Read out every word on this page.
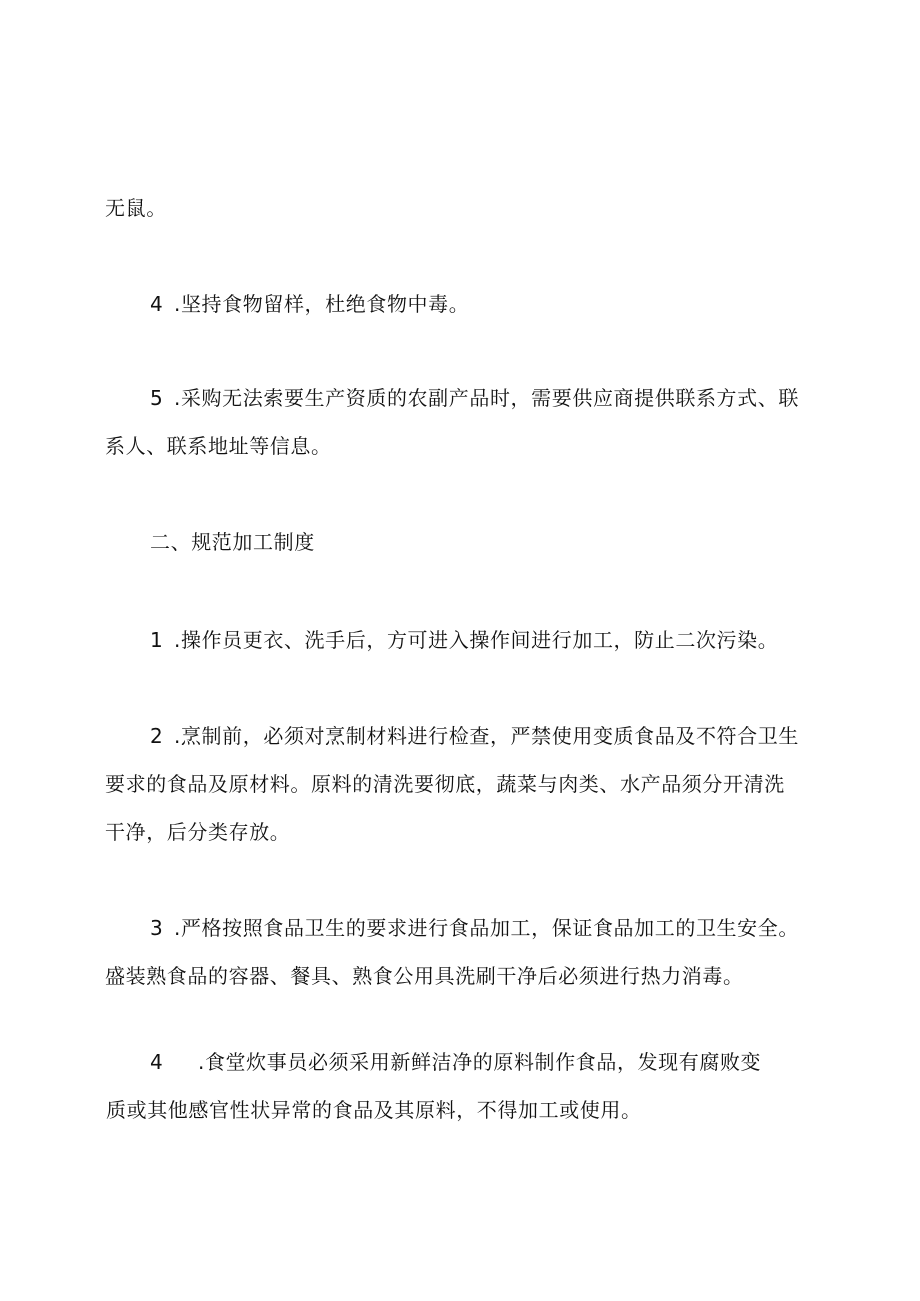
无鼠。
4 .坚持食物留样，杜绝食物中毒。
5 .采购无法索要生产资质的农副产品时，需要供应商提供联系方式、联
系人、联系地址等信息。
二、规范加工制度
1 .操作员更衣、洗手后，方可进入操作间进行加工，防止二次污染。
2 .烹制前，必须对烹制材料进行检查，严禁使用变质食品及不符合卫生
要求的食品及原材料。原料的清洗要彻底，蔬菜与肉类、水产品须分开清洗
干净，后分类存放。
3 .严格按照食品卫生的要求进行食品加工，保证食品加工的卫生安全。
盛装熟食品的容器、餐具、熟食公用具洗刷干净后必须进行热力消毒。
4 .食堂炊事员必须采用新鲜洁净的原料制作食品，发现有腐败变
质或其他感官性状异常的食品及其原料，不得加工或使用。
